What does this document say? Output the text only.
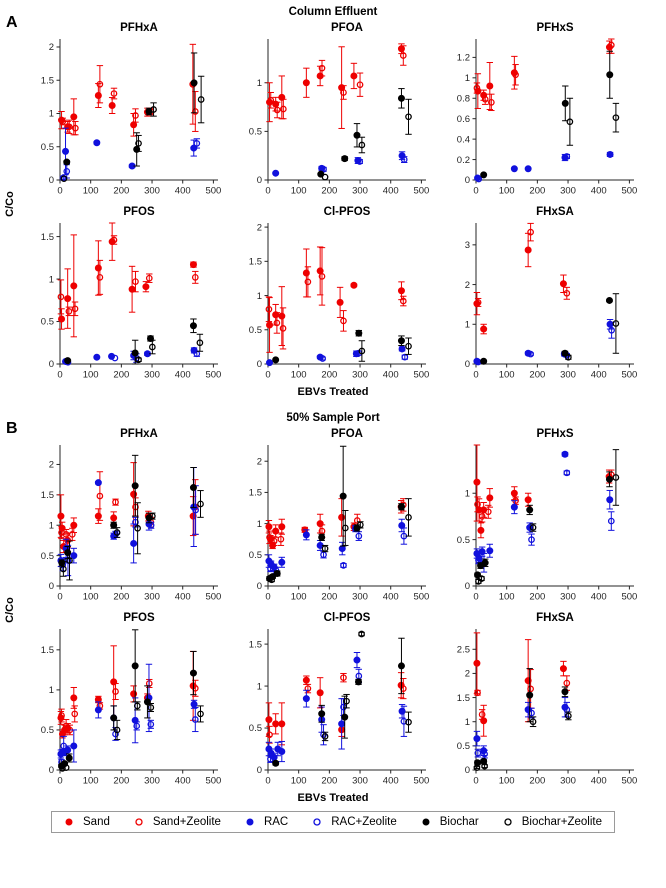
A
Column Effluent
C/Co
PFHxA
0 100 200 300 400 500
0
0.5
1
1.5
2
PFOA
0 100 200 300 400 500
0
0.5
1
PFHxS
0 100 200 300 400 500
0
0.2
0.4
0.6
0.8
1
1.2
PFOS
0 100 200 300 400 500
0
0.5
1
1.5
Cl-PFOS
0 100 200 300 400 500
0
0.5
1
1.5
2
FHxSA
0 100 200 300 400 500
0
1
2
3
EBVs Treated
B
50% Sample Port
C/Co
PFHxA
0 100 200 300 400 500
0
0.5
1
1.5
2
PFOA
0 100 200 300 400 500
0
0.5
1
1.5
2
PFHxS
0 100 200 300 400 500
0
0.5
1
PFOS
0 100 200 300 400 500
0
0.5
1
1.5
Cl-PFOS
0 100 200 300 400 500
0
0.5
1
1.5
FHxSA
0 100 200 300 400 500
0
0.5
1
1.5
2
2.5
EBVs Treated
Sand	Sand+Zeolite	RAC	RAC+Zeolite	Biochar	Biochar+Zeolite
